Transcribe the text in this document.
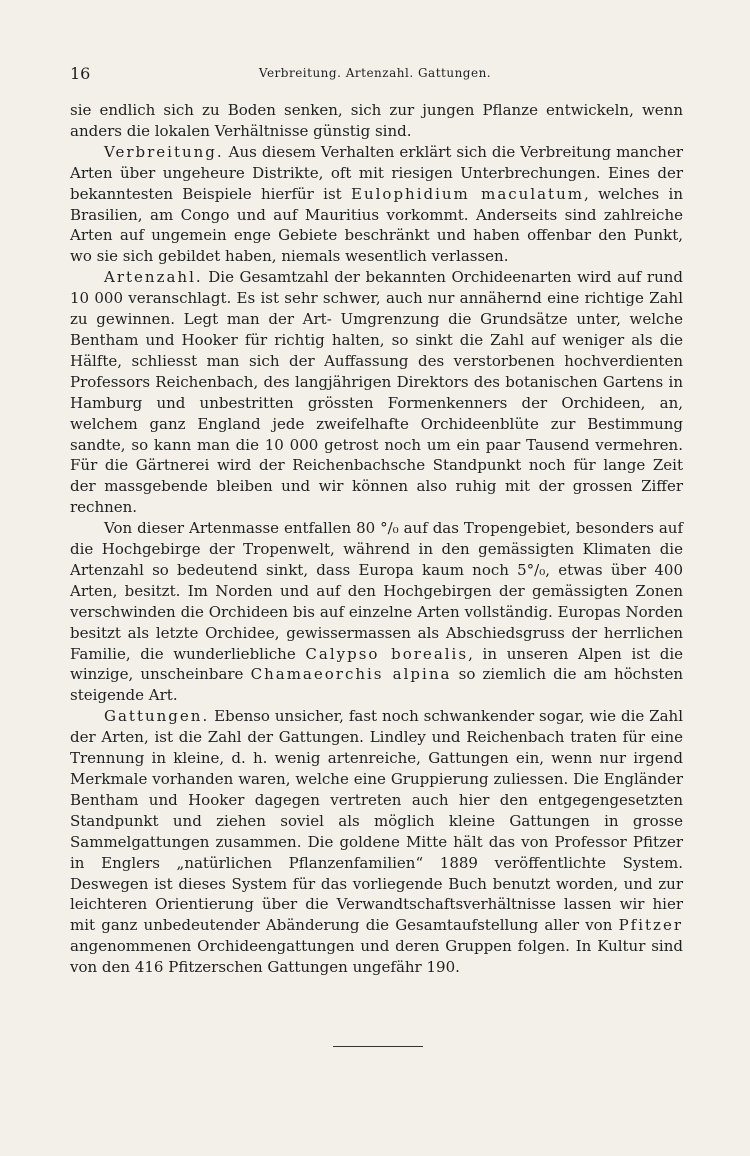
16	Verbreitung. Artenzahl. Gattungen.

sie endlich sich zu Boden senken, sich zur jungen Pflanze entwickeln, wenn anders die lokalen Verhältnisse günstig sind.

Verbreitung. Aus diesem Verhalten erklärt sich die Verbreitung mancher Arten über ungeheure Distrikte, oft mit riesigen Unterbrechungen. Eines der bekanntesten Beispiele hierfür ist Eulophidium maculatum, welches in Brasilien, am Congo und auf Mauritius vorkommt. Anderseits sind zahlreiche Arten auf ungemein enge Gebiete beschränkt und haben offenbar den Punkt, wo sie sich gebildet haben, niemals wesentlich verlassen.

Artenzahl. Die Gesamtzahl der bekannten Orchideenarten wird auf rund 10 000 veranschlagt. Es ist sehr schwer, auch nur annähernd eine richtige Zahl zu gewinnen. Legt man der Art- Umgrenzung die Grundsätze unter, welche Bentham und Hooker für richtig halten, so sinkt die Zahl auf weniger als die Hälfte, schliesst man sich der Auffassung des verstorbenen hochverdienten Professors Reichenbach, des langjährigen Direktors des botanischen Gartens in Hamburg und unbestritten grössten Formenkenners der Orchideen, an, welchem ganz England jede zweifelhafte Orchideenblüte zur Bestimmung sandte, so kann man die 10 000 getrost noch um ein paar Tausend vermehren. Für die Gärtnerei wird der Reichenbachsche Standpunkt noch für lange Zeit der massgebende bleiben und wir können also ruhig mit der grossen Ziffer rechnen.

Von dieser Artenmasse entfallen 80 °/₀ auf das Tropengebiet, besonders auf die Hochgebirge der Tropenwelt, während in den gemässigten Klimaten die Artenzahl so bedeutend sinkt, dass Europa kaum noch 5°/₀, etwas über 400 Arten, besitzt. Im Norden und auf den Hochgebirgen der gemässigten Zonen verschwinden die Orchideen bis auf einzelne Arten vollständig. Europas Norden besitzt als letzte Orchidee, gewissermassen als Abschiedsgruss der herrlichen Familie, die wunderliebliche Calypso borealis, in unseren Alpen ist die winzige, unscheinbare Chamaeorchis alpina so ziemlich die am höchsten steigende Art.

Gattungen. Ebenso unsicher, fast noch schwankender sogar, wie die Zahl der Arten, ist die Zahl der Gattungen. Lindley und Reichenbach traten für eine Trennung in kleine, d. h. wenig artenreiche, Gattungen ein, wenn nur irgend Merkmale vorhanden waren, welche eine Gruppierung zuliessen. Die Engländer Bentham und Hooker dagegen vertreten auch hier den entgegengesetzten Standpunkt und ziehen soviel als möglich kleine Gattungen in grosse Sammelgattungen zusammen. Die goldene Mitte hält das von Professor Pfitzer in Englers „natürlichen Pflanzenfamilien“ 1889 veröffentlichte System. Deswegen ist dieses System für das vorliegende Buch benutzt worden, und zur leichteren Orientierung über die Verwandtschaftsverhältnisse lassen wir hier mit ganz unbedeutender Abänderung die Gesamtaufstellung aller von Pfitzer angenommenen Orchideengattungen und deren Gruppen folgen. In Kultur sind von den 416 Pfitzerschen Gattungen ungefähr 190.
